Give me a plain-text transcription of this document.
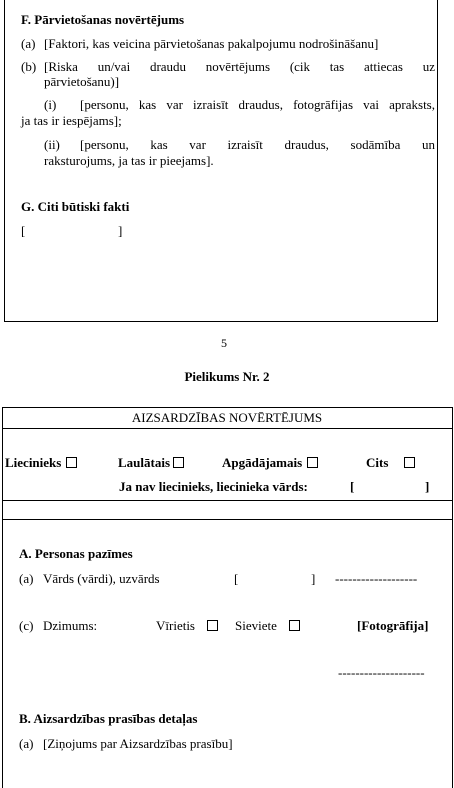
F. Pārvietošanas novērtējums
(a) [Faktori, kas veicina pārvietošanas pakalpojumu nodrošināšanu]
(b) [Riska un/vai draudu novērtējums (cik tas attiecas uz
pārvietošanu)]
(i) [personu, kas var izraisīt draudus, fotogrāfijas vai apraksts,
ja tas ir iespējams];
(ii) [personu, kas var izraisīt draudus, sodāmība un
raksturojums, ja tas ir pieejams].
G. Citi būtiski fakti
[	]
5
Pielikums Nr. 2
AIZSARDZĪBAS NOVĒRTĒJUMS
Liecinieks	Laulātais	Apgādājamais	Cits
Ja nav liecinieks, liecinieka vārds:	[	]
A. Personas pazīmes
(a) Vārds (vārdi), uzvārds	[	] -------------------
(c) Dzimums:	Vīrietis	Sieviete	[Fotogrāfija]
--------------------
B. Aizsardzības prasības detaļas
(a) [Ziņojums par Aizsardzības prasību]
